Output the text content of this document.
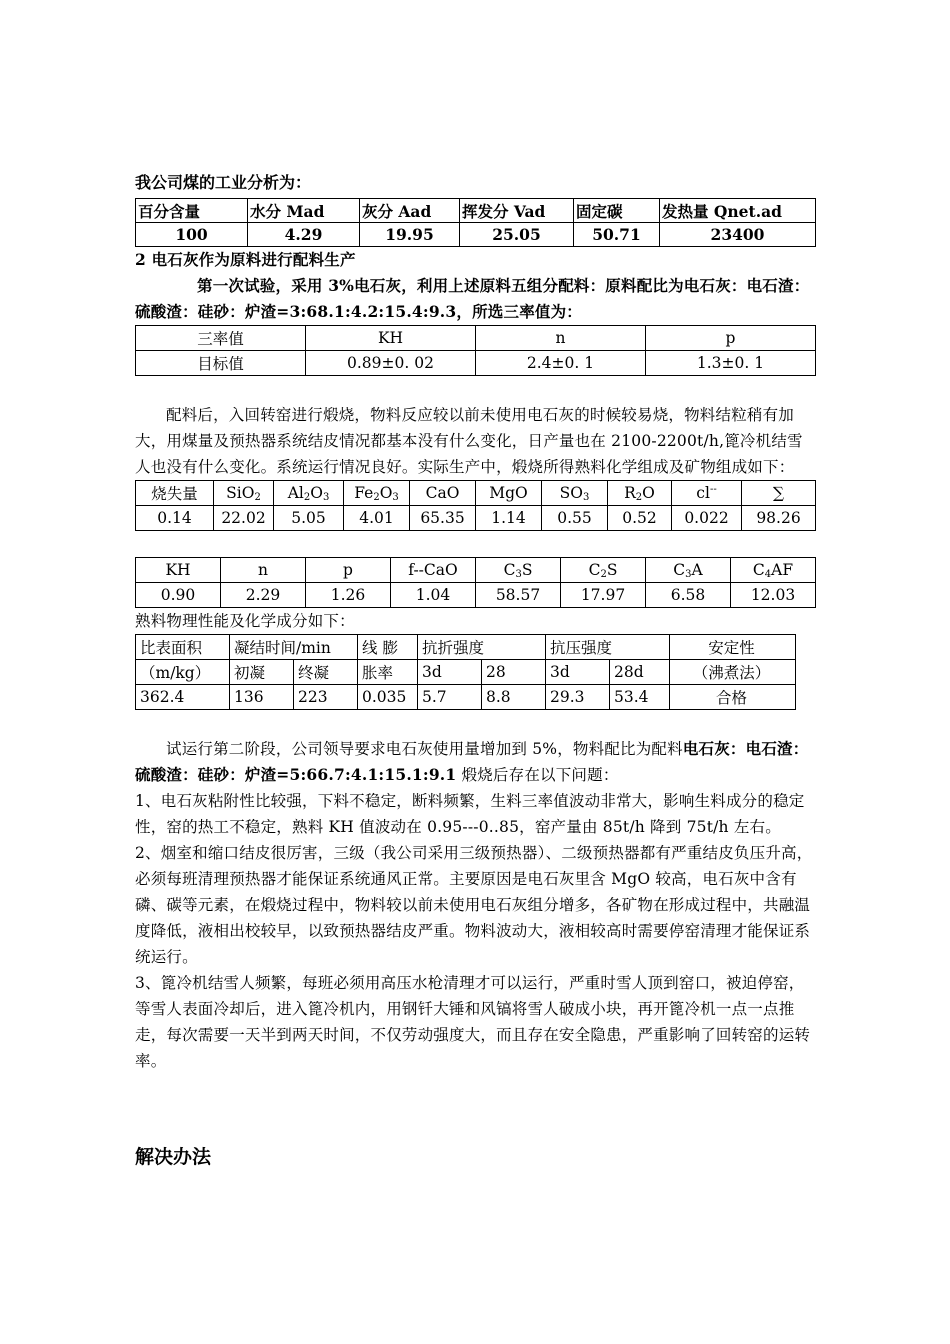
我公司煤的工业分析为：
百分含量	水分 Mad	灰分 Aad	挥发分 Vad	固定碳	发热量 Qnet.ad
100	4.29	19.95	25.05	50.71	23400
2 电石灰作为原料进行配料生产
第一次试验，采用 3%电石灰，利用上述原料五组分配料：原料配比为电石灰：电石渣：硫酸渣：硅砂：炉渣=3:68.1:4.2:15.4:9.3，所选三率值为：
三率值	KH	n	p
目标值	0.89±0. 02	2.4±0. 1	1.3±0. 1
配料后，入回转窑进行煅烧，物料反应较以前未使用电石灰的时候较易烧，物料结粒稍有加大，用煤量及预热器系统结皮情况都基本没有什么变化，日产量也在 2100-2200t/h,篦冷机结雪人也没有什么变化。系统运行情况良好。实际生产中，煅烧所得熟料化学组成及矿物组成如下：
烧失量	SiO$_2$	$Al_2O_3$	$Fe_2O_3$	CaO	MgO	$SO_3$	$R_2O$	cl--	∑
0.14	22.02	5.05	4.01	65.35	1.14	0.55	0.52	0.022	98.26
KH	n	p	f--CaO	$C_3S$	$C_2S$	$C_3A$	$C_4AF$
0.90	2.29	1.26	1.04	58.57	17.97	6.58	12.03
熟料物理性能及化学成分如下：
比表面积	凝结时间/min		线 膨	抗折强度		抗压强度		安定性
（m/kg）	初凝	终凝	胀率	3d	28	3d	28d	（沸煮法）
362.4	136	223	0.035	5.7	8.8	29.3	53.4	合格
试运行第二阶段，公司领导要求电石灰使用量增加到 5%，物料配比为配料电石灰：电石渣：硫酸渣：硅砂：炉渣=5:66.7:4.1:15.1:9.1 煅烧后存在以下问题：
1、电石灰粘附性比较强，下料不稳定，断料频繁，生料三率值波动非常大，影响生料成分的稳定性，窑的热工不稳定，熟料 KH 值波动在 0.95---0..85，窑产量由 85t/h 降到 75t/h 左右。
2、烟室和缩口结皮很厉害，三级（我公司采用三级预热器）、二级预热器都有严重结皮负压升高，必须每班清理预热器才能保证系统通风正常。主要原因是电石灰里含 MgO 较高，电石灰中含有磷、碳等元素，在煅烧过程中，物料较以前未使用电石灰组分增多，各矿物在形成过程中，共融温度降低，液相出校较早，以致预热器结皮严重。物料波动大，液相较高时需要停窑清理才能保证系统运行。
3、篦冷机结雪人频繁，每班必须用高压水枪清理才可以运行，严重时雪人顶到窑口，被迫停窑，等雪人表面冷却后，进入篦冷机内，用钢钎大锤和风镐将雪人破成小块，再开篦冷机一点一点推走，每次需要一天半到两天时间，不仅劳动强度大，而且存在安全隐患，严重影响了回转窑的运转率。
解决办法
